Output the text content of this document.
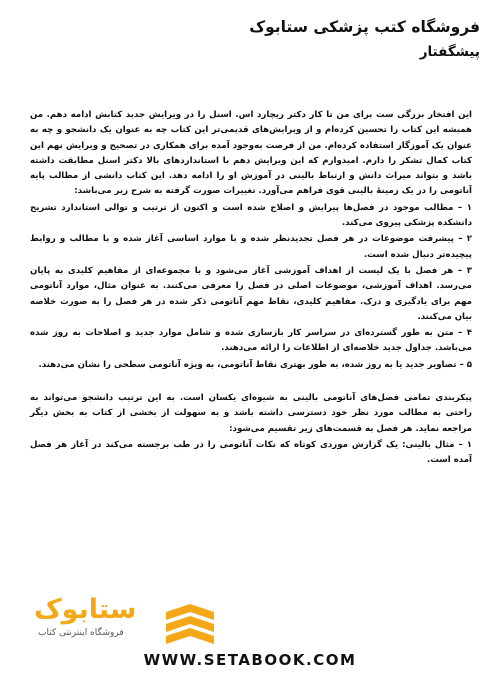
فروشگاه کتب پزشکی ستابوک
پیشگفتار

این افتخار بزرگی ست برای من تا کار دکتر ریچارد اس. اسنل را در ویرایش جدید کتابش ادامه دهم. من همیشه این کتاب را تحسین کرده‌ام و از ویرایش‌های قدیمی‌تر این کتاب چه به عنوان یک دانشجو و چه به عنوان یک آموزگار استفاده کرده‌ام. من از فرصت به‌وجود آمده برای همکاری در تصحیح و ویرایش نهم این کتاب کمال تشکر را دارم. امیدوارم که این ویرایش دهم با استانداردهای بالا دکتر اسنل مطابقت داشته باشد و بتواند میراث دانش و ارتباط بالینی در آموزش او را ادامه دهد. این کتاب دانشی از مطالب پایه آناتومی را در یک زمینهٔ بالینی قوی فراهم می‌آورد. تغییرات صورت گرفته به شرح زیر می‌باشد:

۱ – مطالب موجود در فصل‌ها پیرایش و اصلاح شده است و اکنون از ترتیب و توالی استاندارد تشریح دانشکده پزشکی پیروی می‌کند.

۲ – پیشرفت موضوعات در هر فصل تجدیدنظر شده و با موارد اساسی آغاز شده و با مطالب و روابط پیچیده‌تر دنبال شده است.

۳ – هر فصل با یک لیست از اهداف آموزشی آغاز می‌شود و با مجموعه‌ای از مفاهیم کلیدی به پایان می‌رسد. اهداف آموزشی، موضوعات اصلی در فصل را معرفی می‌کنند. به عنوان مثال، موارد آناتومی مهم برای یادگیری و درک. مفاهیم کلیدی، نقاط مهم آناتومی ذکر شده در هر فصل را به صورت خلاصه بیان می‌کنند.

۴ – متن به طور گسترده‌ای در سراسر کار بازسازی شده و شامل موارد جدید و اصلاحات به روز شده می‌باشد. جداول جدید خلاصه‌ای از اطلاعات را ارائه می‌دهند.

۵ – تصاویر جدید یا به روز شده، به طور بهتری نقاط آناتومی، به ویژه آناتومی سطحی را نشان می‌دهند.

پیکربندی تمامی فصل‌های آناتومی بالینی به شیوه‌ای یکسان است. به این ترتیب دانشجو می‌تواند به راحتی به مطالب مورد نظر خود دسترسی داشته باشد و به سهولت از بخشی از کتاب به بخش دیگر مراجعه نماید. هر فصل به قسمت‌های زیر تقسیم می‌شود:

۱ – مثال بالینی: یک گزارش موردی کوتاه که نکات آناتومی را در طب برجسته می‌کند در آغاز هر فصل آمده است.

ستابوک
فروشگاه اینترنتی کتاب
WWW.SETABOOK.COM
